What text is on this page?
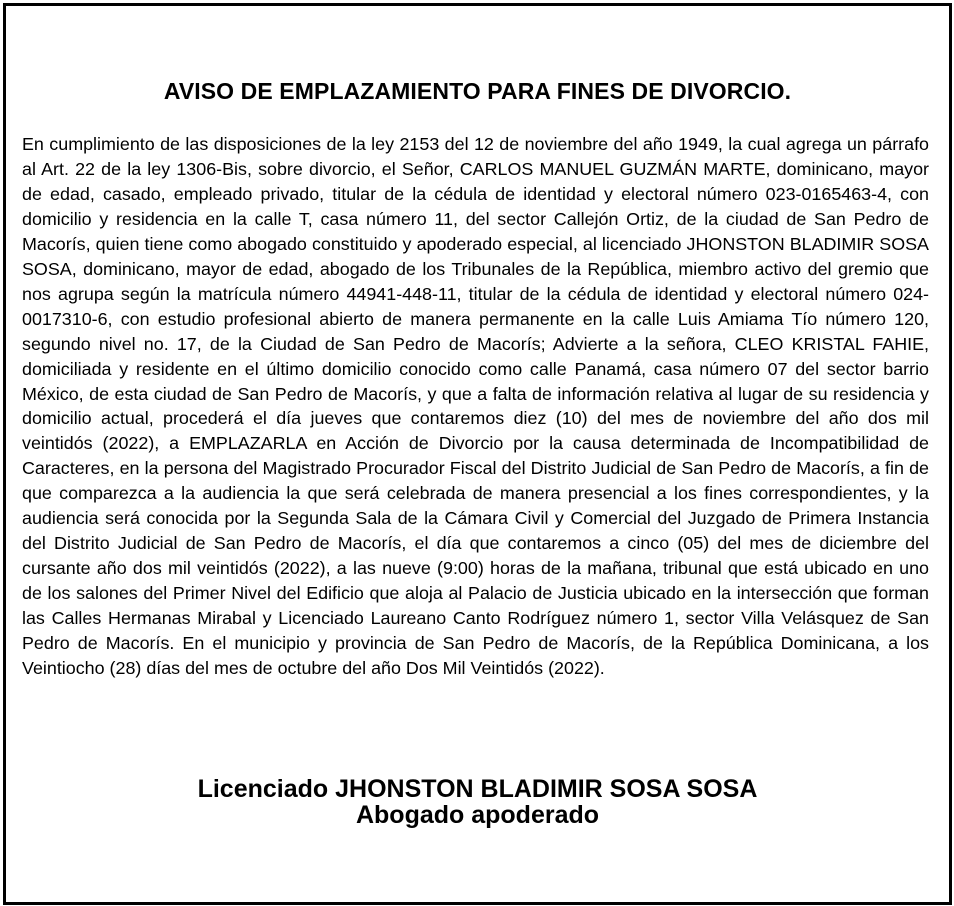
AVISO DE EMPLAZAMIENTO PARA FINES DE DIVORCIO.

En cumplimiento de las disposiciones de la ley 2153 del 12 de noviembre del año 1949, la cual agrega un párrafo al Art. 22 de la ley 1306-Bis, sobre divorcio, el Señor, CARLOS MANUEL GUZMÁN MARTE, dominicano, mayor de edad, casado, empleado privado, titular de la cédula de identidad y electoral número 023-0165463-4, con domicilio y residencia en la calle T, casa número 11, del sector Callejón Ortiz, de la ciudad de San Pedro de Macorís, quien tiene como abogado constituido y apoderado especial, al licenciado JHONSTON BLADIMIR SOSA SOSA, dominicano, mayor de edad, abogado de los Tribunales de la República, miembro activo del gremio que nos agrupa según la matrícula número 44941-448-11, titular de la cédula de identidad y electoral número 024-0017310-6, con estudio profesional abierto de manera permanente en la calle Luis Amiama Tío número 120, segundo nivel no. 17, de la Ciudad de San Pedro de Macorís; Advierte a la señora, CLEO KRISTAL FAHIE, domiciliada y residente en el último domicilio conocido como calle Panamá, casa número 07 del sector barrio México, de esta ciudad de San Pedro de Macorís, y que a falta de información relativa al lugar de su residencia y domicilio actual, procederá el día jueves que contaremos diez (10) del mes de noviembre del año dos mil veintidós (2022), a EMPLAZARLA en Acción de Divorcio por la causa determinada de Incompatibilidad de Caracteres, en la persona del Magistrado Procurador Fiscal del Distrito Judicial de San Pedro de Macorís, a fin de que comparezca a la audiencia la que será celebrada de manera presencial a los fines correspondientes, y la audiencia será conocida por la Segunda Sala de la Cámara Civil y Comercial del Juzgado de Primera Instancia del Distrito Judicial de San Pedro de Macorís, el día que contaremos a cinco (05) del mes de diciembre del cursante año dos mil veintidós (2022), a las nueve (9:00) horas de la mañana, tribunal que está ubicado en uno de los salones del Primer Nivel del Edificio que aloja al Palacio de Justicia ubicado en la intersección que forman las Calles Hermanas Mirabal y Licenciado Laureano Canto Rodríguez número 1, sector Villa Velásquez de San Pedro de Macorís. En el municipio y provincia de San Pedro de Macorís, de la República Dominicana, a los Veintiocho (28) días del mes de octubre del año Dos Mil Veintidós (2022).

Licenciado JHONSTON BLADIMIR SOSA SOSA
Abogado apoderado
